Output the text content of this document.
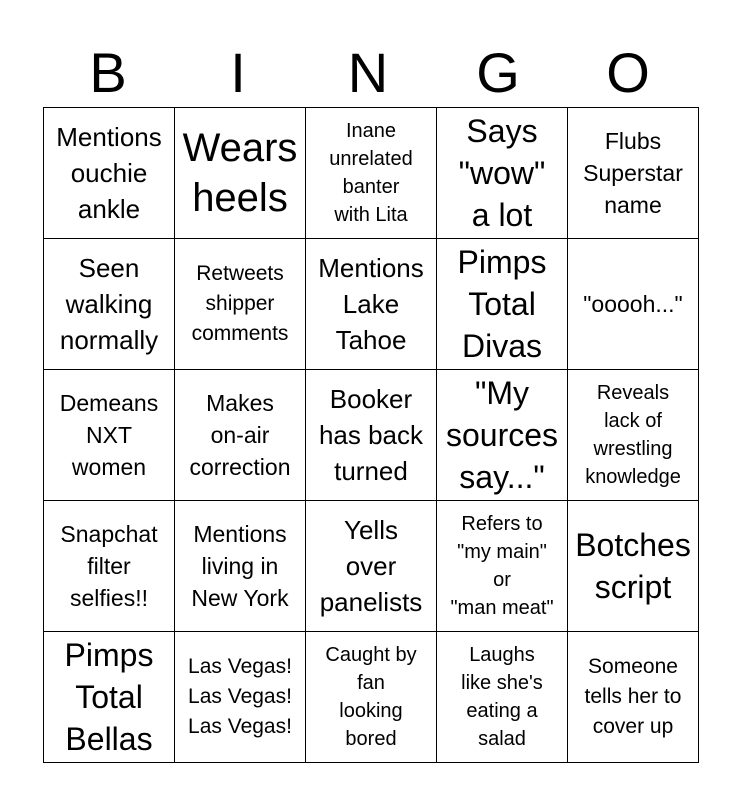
B	I	N	G	O
Mentions
ouchie
ankle	Wears
heels	Inane
unrelated
banter
with Lita	Says
"wow"
a lot	Flubs
Superstar
name

Seen
walking
normally	Retweets
shipper
comments	Mentions
Lake
Tahoe	Pimps
Total
Divas	"ooooh..."

Demeans
NXT
women	Makes
on-air
correction	Booker
has back
turned	"My
sources
say..."	Reveals
lack of
wrestling
knowledge

Snapchat
filter
selfies!!	Mentions
living in
New York	Yells
over
panelists	Refers to
"my main"
or
"man meat"	Botches
script

Pimps
Total
Bellas	Las Vegas!
Las Vegas!
Las Vegas!	Caught by
fan
looking
bored	Laughs
like she's
eating a
salad	Someone
tells her to
cover up
